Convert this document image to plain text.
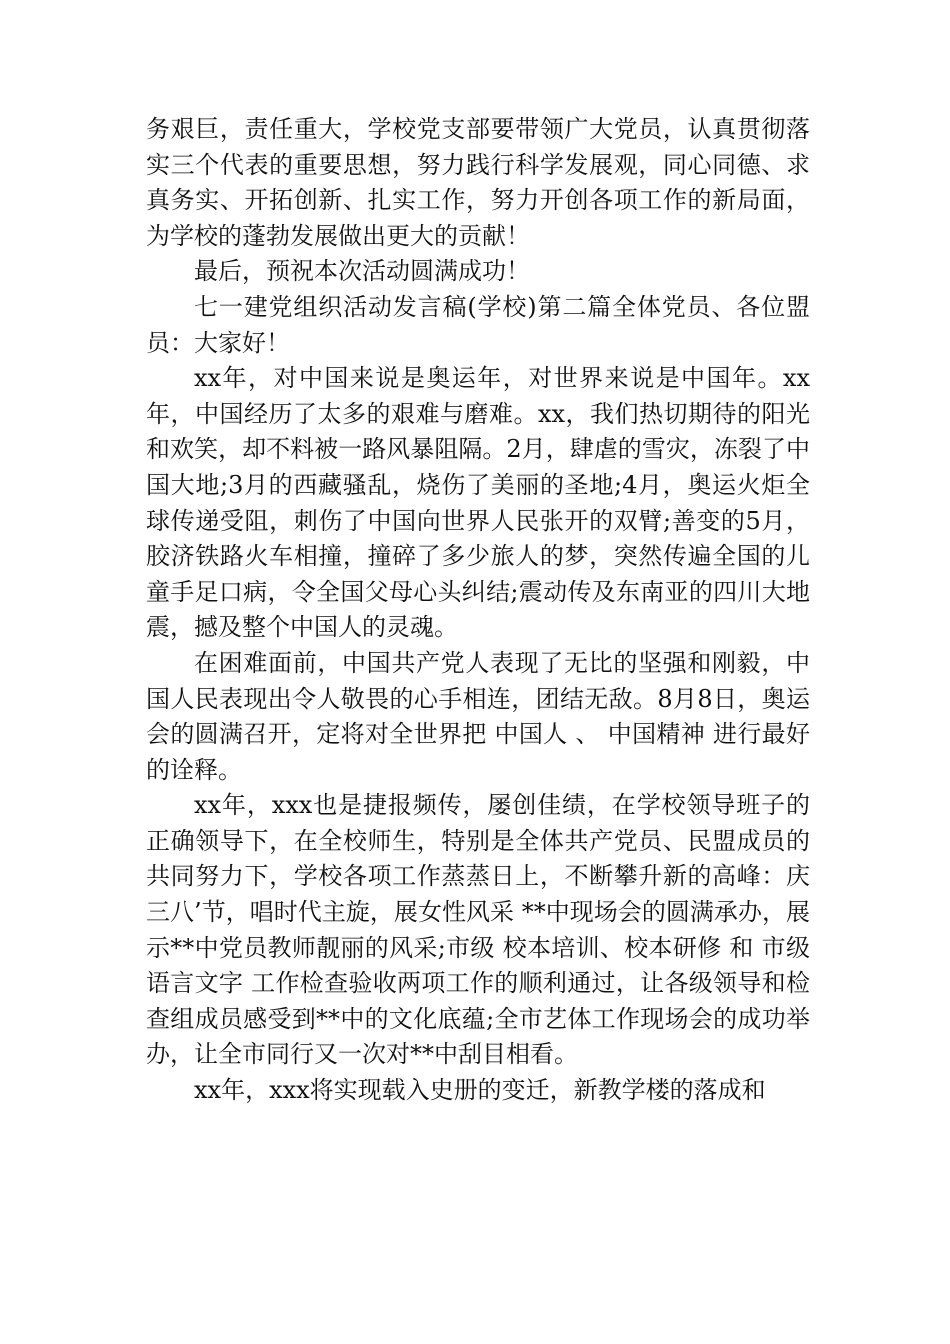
务艰巨，责任重大，学校党支部要带领广大党员，认真贯彻落实三个代表的重要思想，努力践行科学发展观，同心同德、求真务实、开拓创新、扎实工作，努力开创各项工作的新局面，为学校的蓬勃发展做出更大的贡献！

最后，预祝本次活动圆满成功！

七一建党组织活动发言稿(学校)第二篇全体党员、各位盟员：大家好！

xx年，对中国来说是奥运年，对世界来说是中国年。xx年，中国经历了太多的艰难与磨难。xx，我们热切期待的阳光和欢笑，却不料被一路风暴阻隔。2月，肆虐的雪灾，冻裂了中国大地;3月的西藏骚乱，烧伤了美丽的圣地;4月，奥运火炬全球传递受阻，刺伤了中国向世界人民张开的双臂;善变的5月，胶济铁路火车相撞，撞碎了多少旅人的梦，突然传遍全国的儿童手足口病，令全国父母心头纠结;震动传及东南亚的四川大地震，撼及整个中国人的灵魂。

在困难面前，中国共产党人表现了无比的坚强和刚毅，中国人民表现出令人敬畏的心手相连，团结无敌。8月8日，奥运会的圆满召开，定将对全世界把 中国人 、 中国精神 进行最好的诠释。

xx年，xxx也是捷报频传，屡创佳绩，在学校领导班子的正确领导下，在全校师生，特别是全体共产党员、民盟成员的共同努力下，学校各项工作蒸蒸日上，不断攀升新的高峰：庆 三八’节，唱时代主旋，展女性风采 **中现场会的圆满承办，展示**中党员教师靓丽的风采;市级 校本培训、校本研修 和 市级语言文字 工作检查验收两项工作的顺利通过，让各级领导和检查组成员感受到**中的文化底蕴;全市艺体工作现场会的成功举办，让全市同行又一次对**中刮目相看。

xx年，xxx将实现载入史册的变迁，新教学楼的落成和
